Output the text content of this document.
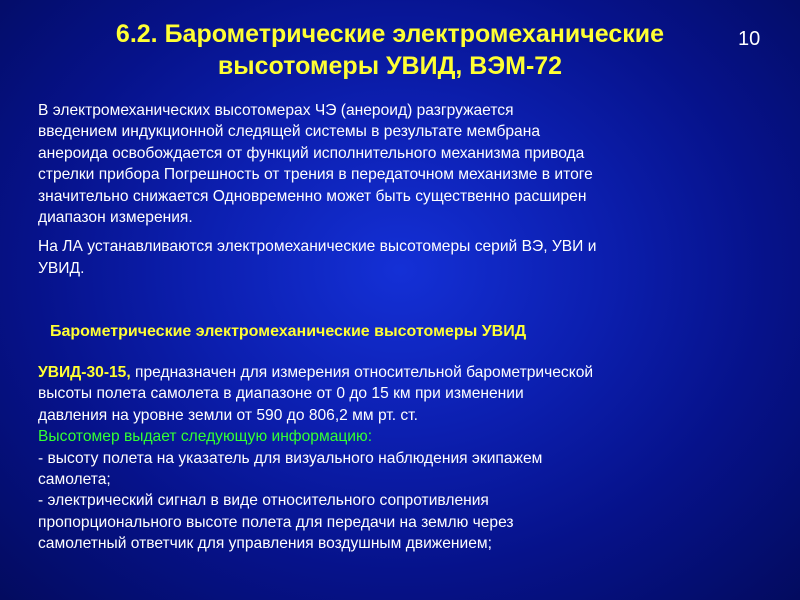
6.2. Барометрические электромеханические
высотомеры УВИД, ВЭМ-72
10

В электромеханических высотомерах ЧЭ (анероид) разгружается
введением индукционной следящей системы в результате мембрана
анероида освобождается от функций исполнительного механизма привода
стрелки прибора Погрешность от трения в передаточном механизме в итоге
значительно снижается Одновременно может быть существенно расширен
диапазон измерения.

На ЛА устанавливаются электромеханические высотомеры серий ВЭ, УВИ и
УВИД.

Барометрические электромеханические высотомеры УВИД
УВИД-30-15, предназначен для измерения относительной барометрической
высоты полета самолета в диапазоне от 0 до 15 км при изменении
давления на уровне земли от 590 до 806,2 мм рт. ст.
Высотомер выдает следующую информацию:
- высоту полета на указатель для визуального наблюдения экипажем
самолета;
- электрический сигнал в виде относительного сопротивления
пропорционального высоте полета для передачи на землю через
самолетный ответчик для управления воздушным движением;
